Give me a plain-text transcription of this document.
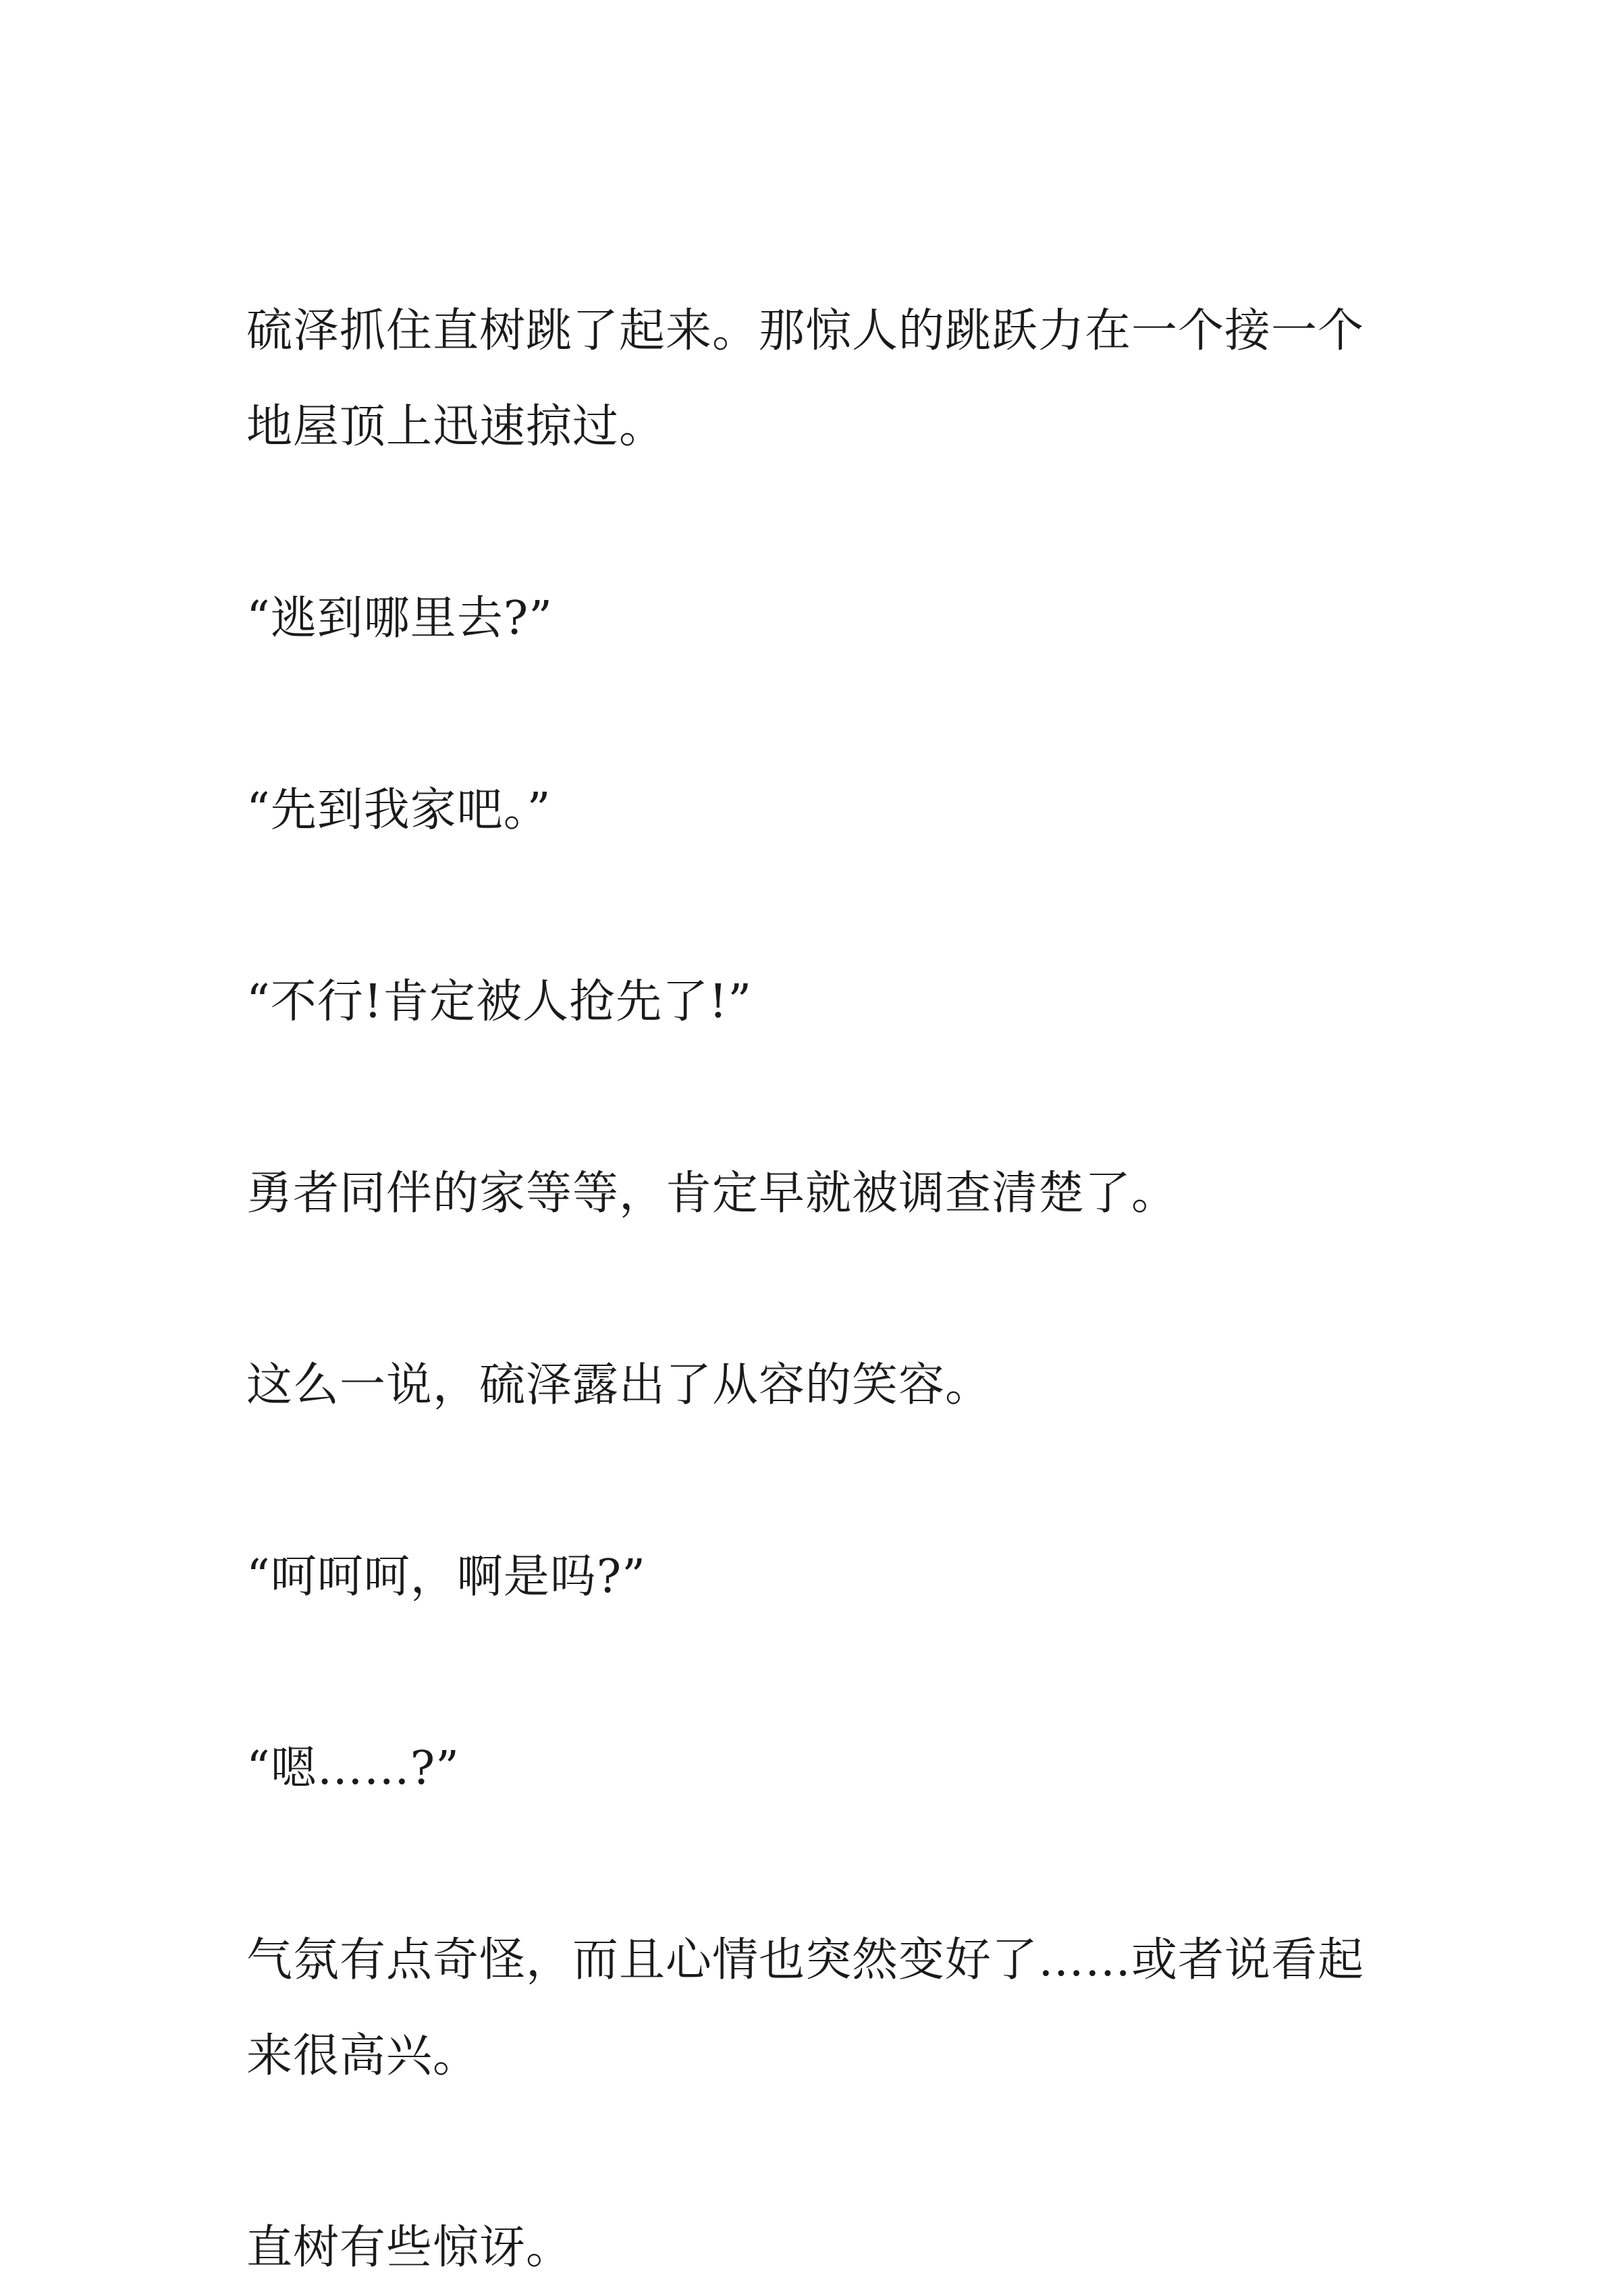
硫泽抓住直树跳了起来。那惊人的跳跃力在一个接一个地屋顶上迅速掠过。

“逃到哪里去?”

“先到我家吧。”

“不行!肯定被人抢先了!”

勇者同伴的家等等，肯定早就被调查清楚了。

这么一说，硫泽露出了从容的笑容。

“呵呵呵，啊是吗?”

“嗯……?”

气氛有点奇怪，而且心情也突然变好了……或者说看起来很高兴。

直树有些惊讶。
